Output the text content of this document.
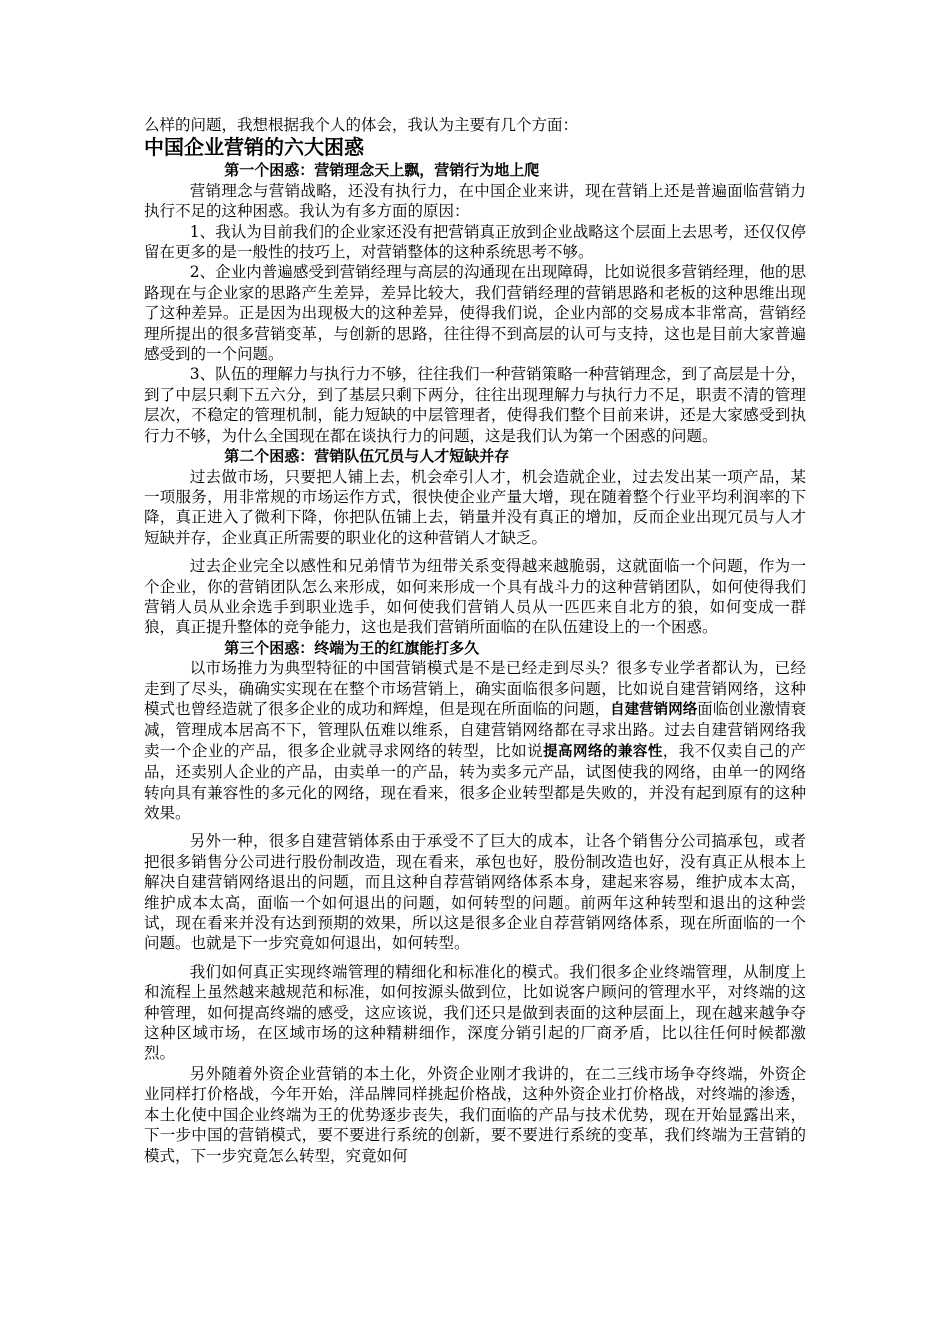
么样的问题，我想根据我个人的体会，我认为主要有几个方面：

中国企业营销的六大困惑

第一个困惑：营销理念天上飘，营销行为地上爬

营销理念与营销战略，还没有执行力，在中国企业来讲，现在营销上还是普遍面临营销力执行不足的这种困惑。我认为有多方面的原因：

1、我认为目前我们的企业家还没有把营销真正放到企业战略这个层面上去思考，还仅仅停留在更多的是一般性的技巧上，对营销整体的这种系统思考不够。

2、企业内普遍感受到营销经理与高层的沟通现在出现障碍，比如说很多营销经理，他的思路现在与企业家的思路产生差异，差异比较大，我们营销经理的营销思路和老板的这种思维出现了这种差异。正是因为出现极大的这种差异，使得我们说，企业内部的交易成本非常高，营销经理所提出的很多营销变革，与创新的思路，往往得不到高层的认可与支持，这也是目前大家普遍感受到的一个问题。

3、队伍的理解力与执行力不够，往往我们一种营销策略一种营销理念，到了高层是十分，到了中层只剩下五六分，到了基层只剩下两分，往往出现理解力与执行力不足，职责不清的管理层次，不稳定的管理机制，能力短缺的中层管理者，使得我们整个目前来讲，还是大家感受到执行力不够，为什么全国现在都在谈执行力的问题，这是我们认为第一个困惑的问题。

第二个困惑：营销队伍冗员与人才短缺并存

过去做市场，只要把人铺上去，机会牵引人才，机会造就企业，过去发出某一项产品，某一项服务，用非常规的市场运作方式，很快使企业产量大增，现在随着整个行业平均利润率的下降，真正进入了微利下降，你把队伍铺上去，销量并没有真正的增加，反而企业出现冗员与人才短缺并存，企业真正所需要的职业化的这种营销人才缺乏。

过去企业完全以感性和兄弟情节为纽带关系变得越来越脆弱，这就面临一个问题，作为一个企业，你的营销团队怎么来形成，如何来形成一个具有战斗力的这种营销团队，如何使得我们营销人员从业余选手到职业选手，如何使我们营销人员从一匹匹来自北方的狼，如何变成一群狼，真正提升整体的竞争能力，这也是我们营销所面临的在队伍建设上的一个困惑。

第三个困惑：终端为王的红旗能打多久

以市场推力为典型特征的中国营销模式是不是已经走到尽头？很多专业学者都认为，已经走到了尽头，确确实实现在在整个市场营销上，确实面临很多问题，比如说自建营销网络，这种模式也曾经造就了很多企业的成功和辉煌，但是现在所面临的问题，自建营销网络面临创业激情衰减，管理成本居高不下，管理队伍难以维系，自建营销网络都在寻求出路。过去自建营销网络我卖一个企业的产品，很多企业就寻求网络的转型，比如说提高网络的兼容性，我不仅卖自己的产品，还卖别人企业的产品，由卖单一的产品，转为卖多元产品，试图使我的网络，由单一的网络转向具有兼容性的多元化的网络，现在看来，很多企业转型都是失败的，并没有起到原有的这种效果。

另外一种，很多自建营销体系由于承受不了巨大的成本，让各个销售分公司搞承包，或者把很多销售分公司进行股份制改造，现在看来，承包也好，股份制改造也好，没有真正从根本上解决自建营销网络退出的问题，而且这种自荐营销网络体系本身，建起来容易，维护成本太高，维护成本太高，面临一个如何退出的问题，如何转型的问题。前两年这种转型和退出的这种尝试，现在看来并没有达到预期的效果，所以这是很多企业自荐营销网络体系，现在所面临的一个问题。也就是下一步究竟如何退出，如何转型。

我们如何真正实现终端管理的精细化和标准化的模式。我们很多企业终端管理，从制度上和流程上虽然越来越规范和标准，如何按源头做到位，比如说客户顾问的管理水平，对终端的这种管理，如何提高终端的感受，这应该说，我们还只是做到表面的这种层面上，现在越来越争夺这种区域市场，在区域市场的这种精耕细作，深度分销引起的厂商矛盾，比以往任何时候都激烈。

另外随着外资企业营销的本土化，外资企业刚才我讲的，在二三线市场争夺终端，外资企业同样打价格战，今年开始，洋品牌同样挑起价格战，这种外资企业打价格战，对终端的渗透，本土化使中国企业终端为王的优势逐步丧失，我们面临的产品与技术优势，现在开始显露出来，下一步中国的营销模式，要不要进行系统的创新，要不要进行系统的变革，我们终端为王营销的模式，下一步究竟怎么转型，究竟如何
